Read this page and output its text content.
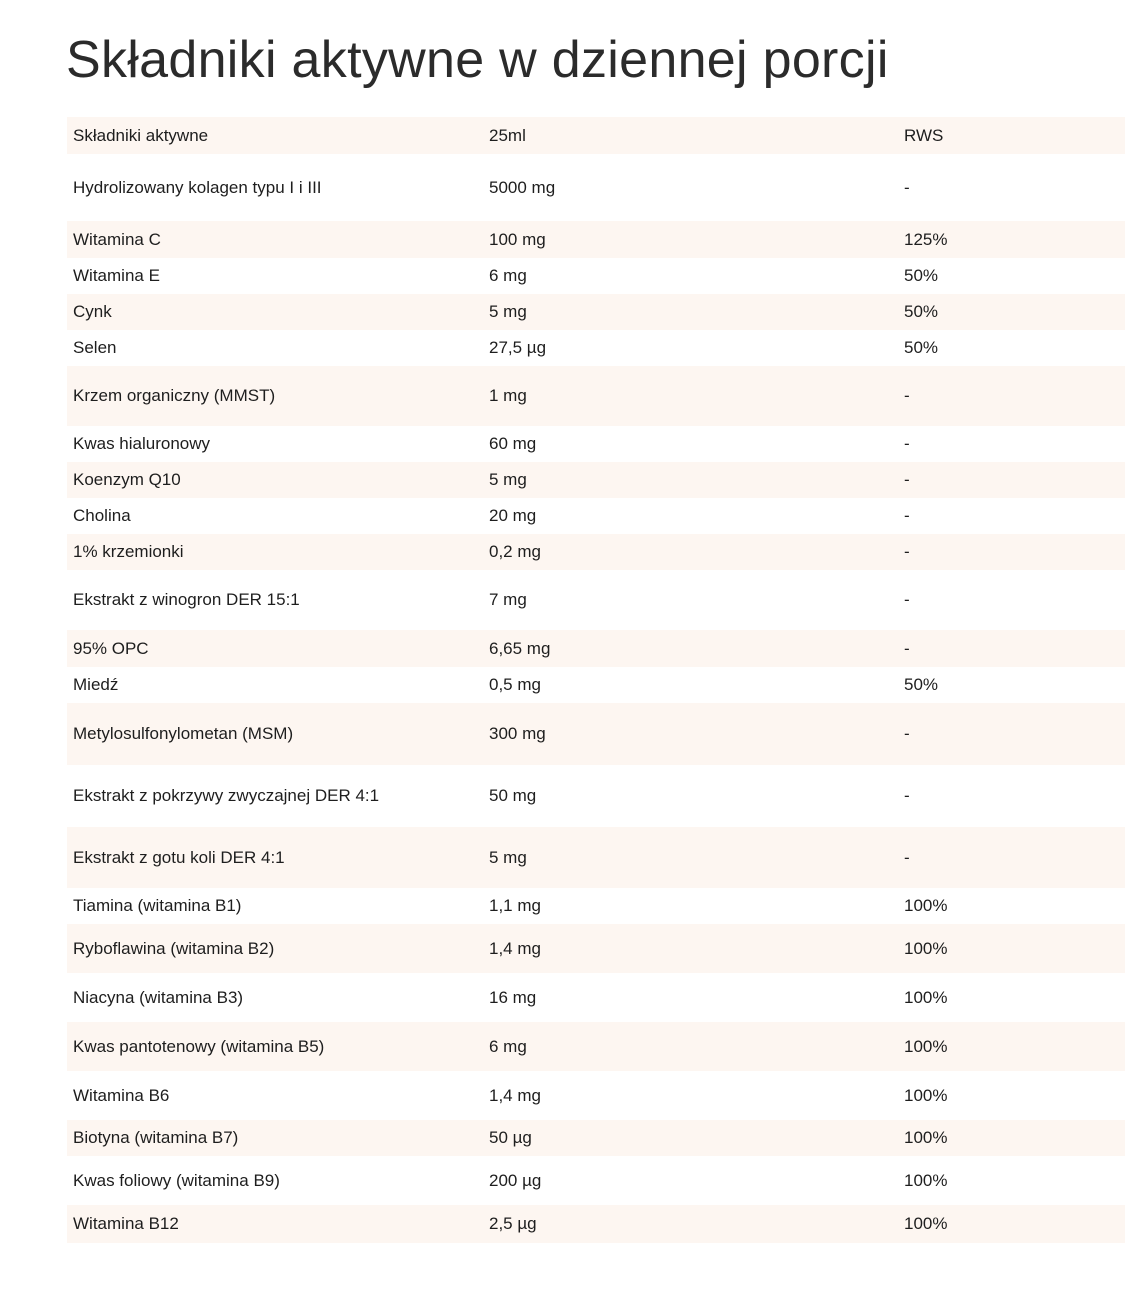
Składniki aktywne w dziennej porcji
Składniki aktywne	25ml	RWS
Hydrolizowany kolagen typu I i III	5000 mg	-
Witamina C	100 mg	125%
Witamina E	6 mg	50%
Cynk	5 mg	50%
Selen	27,5 µg	50%
Krzem organiczny (MMST)	1 mg	-
Kwas hialuronowy	60 mg	-
Koenzym Q10	5 mg	-
Cholina	20 mg	-
1% krzemionki	0,2 mg	-
Ekstrakt z winogron DER 15:1	7 mg	-
95% OPC	6,65 mg	-
Miedź	0,5 mg	50%
Metylosulfonylometan (MSM)	300 mg	-
Ekstrakt z pokrzywy zwyczajnej DER 4:1	50 mg	-
Ekstrakt z gotu koli DER 4:1	5 mg	-
Tiamina (witamina B1)	1,1 mg	100%
Ryboflawina (witamina B2)	1,4 mg	100%
Niacyna (witamina B3)	16 mg	100%
Kwas pantotenowy (witamina B5)	6 mg	100%
Witamina B6	1,4 mg	100%
Biotyna (witamina B7)	50 µg	100%
Kwas foliowy (witamina B9)	200 µg	100%
Witamina B12	2,5 µg	100%
